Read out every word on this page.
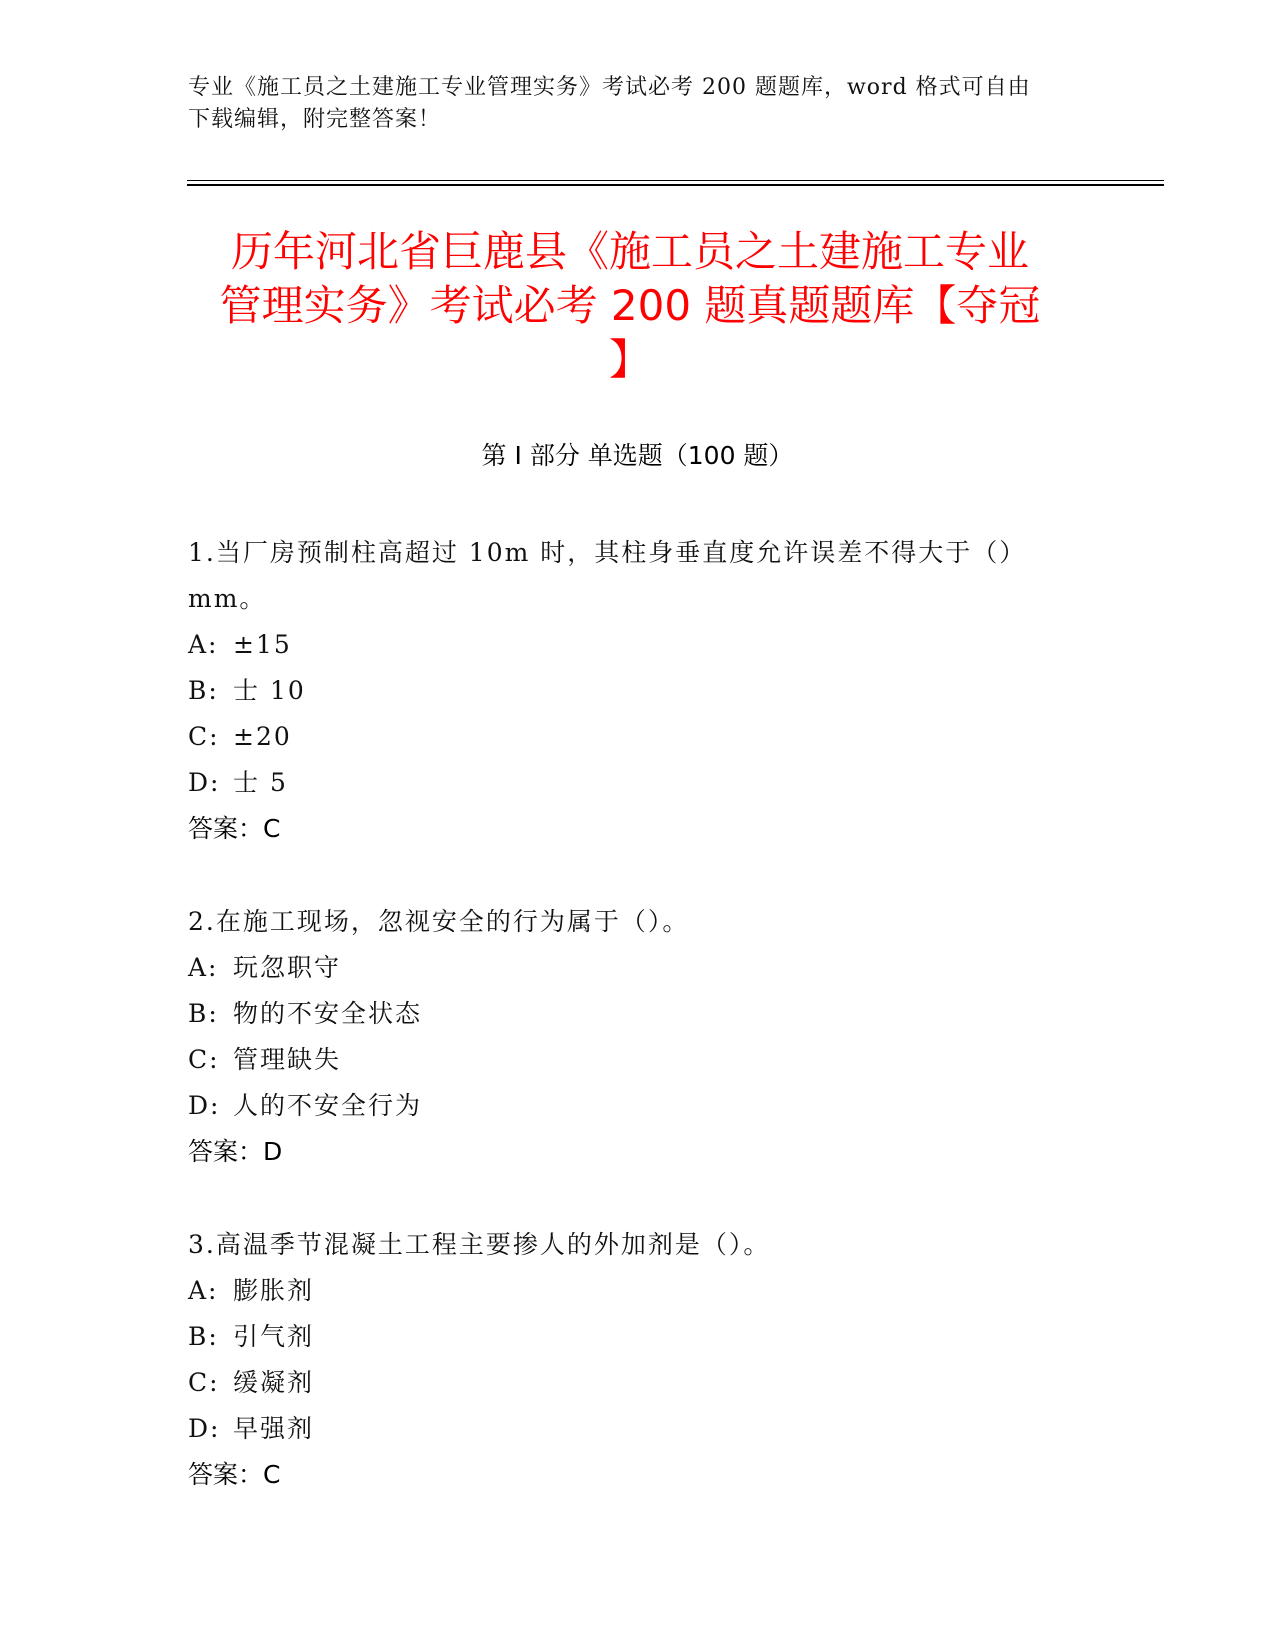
专业《施工员之土建施工专业管理实务》考试必考 200 题题库，word 格式可自由
下载编辑，附完整答案！
历年河北省巨鹿县《施工员之土建施工专业
管理实务》考试必考 200 题真题题库【夺冠
】
第 I 部分 单选题（100 题）
1.当厂房预制柱高超过 10m 时，其柱身垂直度允许误差不得大于（）
mm。
A: ±15
B: 士 10
C: ±20
D: 士 5
答案：C
2.在施工现场，忽视安全的行为属于（）。
A: 玩忽职守
B: 物的不安全状态
C: 管理缺失
D: 人的不安全行为
答案：D
3.高温季节混凝土工程主要掺人的外加剂是（）。
A: 膨胀剂
B: 引气剂
C: 缓凝剂
D: 早强剂
答案：C
